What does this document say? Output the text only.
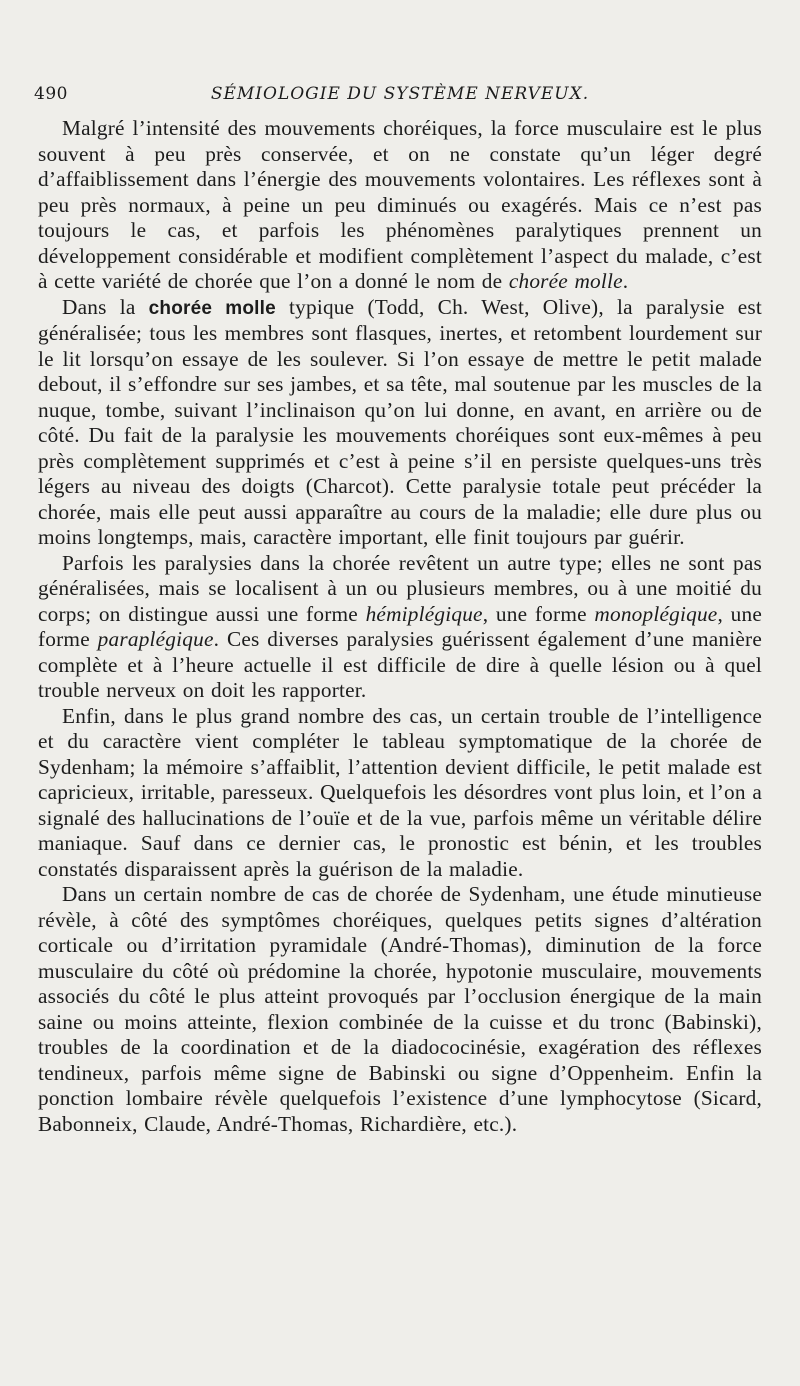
490	SÉMIOLOGIE DU SYSTÈME NERVEUX.

Malgré l’intensité des mouvements choréiques, la force musculaire est le plus souvent à peu près conservée, et on ne constate qu’un léger degré d’affaiblissement dans l’énergie des mouvements volontaires. Les réflexes sont à peu près normaux, à peine un peu diminués ou exagérés. Mais ce n’est pas toujours le cas, et parfois les phénomènes paralytiques prennent un développement considérable et modifient complètement l’aspect du malade, c’est à cette variété de chorée que l’on a donné le nom de chorée molle.

Dans la chorée molle typique (Todd, Ch. West, Olive), la paralysie est généralisée; tous les membres sont flasques, inertes, et retombent lourdement sur le lit lorsqu’on essaye de les soulever. Si l’on essaye de mettre le petit malade debout, il s’effondre sur ses jambes, et sa tête, mal soutenue par les muscles de la nuque, tombe, suivant l’inclinaison qu’on lui donne, en avant, en arrière ou de côté. Du fait de la paralysie les mouvements choréiques sont eux-mêmes à peu près complètement supprimés et c’est à peine s’il en persiste quelques-uns très légers au niveau des doigts (Charcot). Cette paralysie totale peut précéder la chorée, mais elle peut aussi apparaître au cours de la maladie; elle dure plus ou moins longtemps, mais, caractère important, elle finit toujours par guérir.

Parfois les paralysies dans la chorée revêtent un autre type; elles ne sont pas généralisées, mais se localisent à un ou plusieurs membres, ou à une moitié du corps; on distingue aussi une forme hémiplégique, une forme monoplégique, une forme paraplégique. Ces diverses paralysies guérissent également d’une manière complète et à l’heure actuelle il est difficile de dire à quelle lésion ou à quel trouble nerveux on doit les rapporter.

Enfin, dans le plus grand nombre des cas, un certain trouble de l’intelligence et du caractère vient compléter le tableau symptomatique de la chorée de Sydenham; la mémoire s’affaiblit, l’attention devient difficile, le petit malade est capricieux, irritable, paresseux. Quelquefois les désordres vont plus loin, et l’on a signalé des hallucinations de l’ouïe et de la vue, parfois même un véritable délire maniaque. Sauf dans ce dernier cas, le pronostic est bénin, et les troubles constatés disparaissent après la guérison de la maladie.

Dans un certain nombre de cas de chorée de Sydenham, une étude minutieuse révèle, à côté des symptômes choréiques, quelques petits signes d’altération corticale ou d’irritation pyramidale (André-Thomas), diminution de la force musculaire du côté où prédomine la chorée, hypotonie musculaire, mouvements associés du côté le plus atteint provoqués par l’occlusion énergique de la main saine ou moins atteinte, flexion combinée de la cuisse et du tronc (Babinski), troubles de la coordination et de la diadococinésie, exagération des réflexes tendineux, parfois même signe de Babinski ou signe d’Oppenheim. Enfin la ponction lombaire révèle quelquefois l’existence d’une lymphocytose (Sicard, Babonneix, Claude, André-Thomas, Richardière, etc.).
